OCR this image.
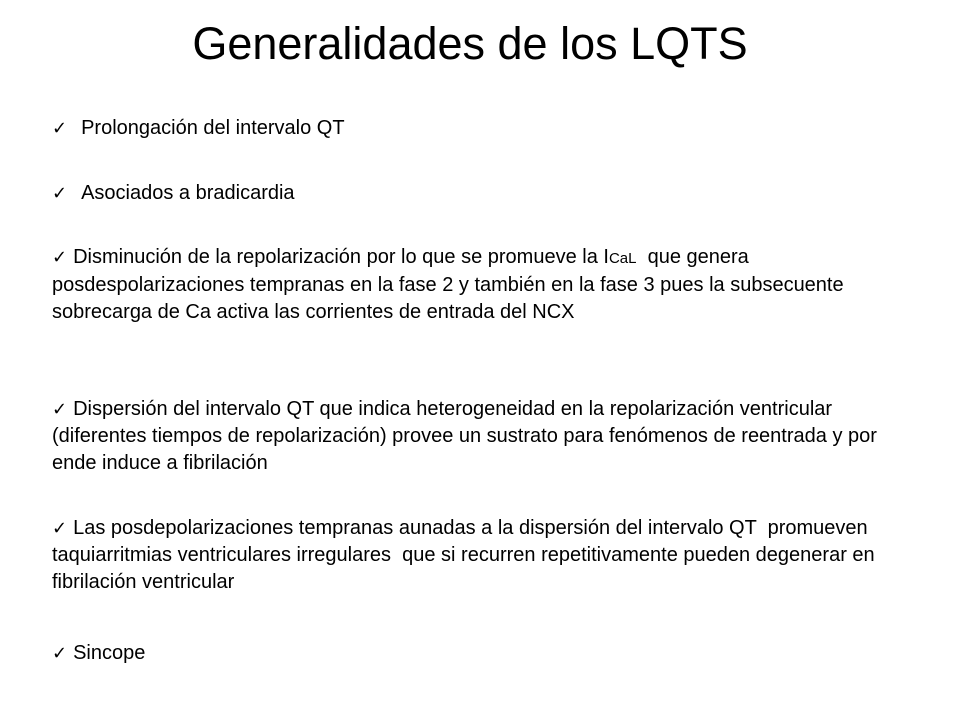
Generalidades de los LQTS
✓ Prolongación del intervalo QT
✓ Asociados a bradicardia
✓ Disminución de la repolarización por lo que se promueve la ICaL  que genera posdespolarizaciones tempranas en la fase 2 y también en la fase 3 pues la subsecuente sobrecarga de Ca activa las corrientes de entrada del NCX
✓ Dispersión del intervalo QT que indica heterogeneidad en la repolarización ventricular (diferentes tiempos de repolarización) provee un sustrato para fenómenos de reentrada y por ende induce a fibrilación
✓ Las posdepolarizaciones tempranas aunadas a la dispersión del intervalo QT  promueven taquiarritmias ventriculares irregulares  que si recurren repetitivamente pueden degenerar en fibrilación ventricular
✓ Sincope
